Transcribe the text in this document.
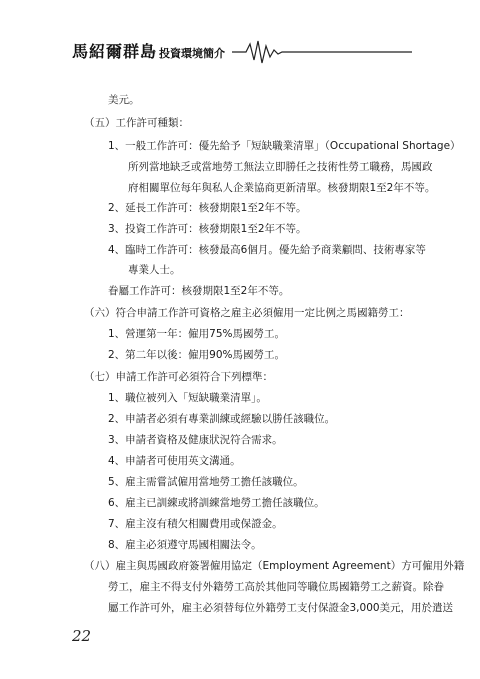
馬紹爾群島 投資環境簡介
美元。
（五）工作許可種類：
1、一般工作許可：優先給予「短缺職業清單」（Occupational Shortage）
所列當地缺乏或當地勞工無法立即勝任之技術性勞工職務，馬國政
府相關單位每年與私人企業協商更新清單。核發期限1至2年不等。
2、延長工作許可：核發期限1至2年不等。
3、投資工作許可：核發期限1至2年不等。
4、臨時工作許可：核發最高6個月。優先給予商業顧問、技術專家等
專業人士。
眷屬工作許可：核發期限1至2年不等。
（六）符合申請工作許可資格之雇主必須僱用一定比例之馬國籍勞工：
1、營運第一年：僱用75%馬國勞工。
2、第二年以後：僱用90%馬國勞工。
（七）申請工作許可必須符合下列標準：
1、職位被列入「短缺職業清單」。
2、申請者必須有專業訓練或經驗以勝任該職位。
3、申請者資格及健康狀況符合需求。
4、申請者可使用英文溝通。
5、雇主需嘗試僱用當地勞工擔任該職位。
6、雇主已訓練或將訓練當地勞工擔任該職位。
7、雇主沒有積欠相關費用或保證金。
8、雇主必須遵守馬國相關法令。
（八）雇主與馬國政府簽署僱用協定（Employment Agreement）方可僱用外籍
勞工，雇主不得支付外籍勞工高於其他同等職位馬國籍勞工之薪資。除眷
屬工作許可外，雇主必須替每位外籍勞工支付保證金3,000美元，用於遣送
22
